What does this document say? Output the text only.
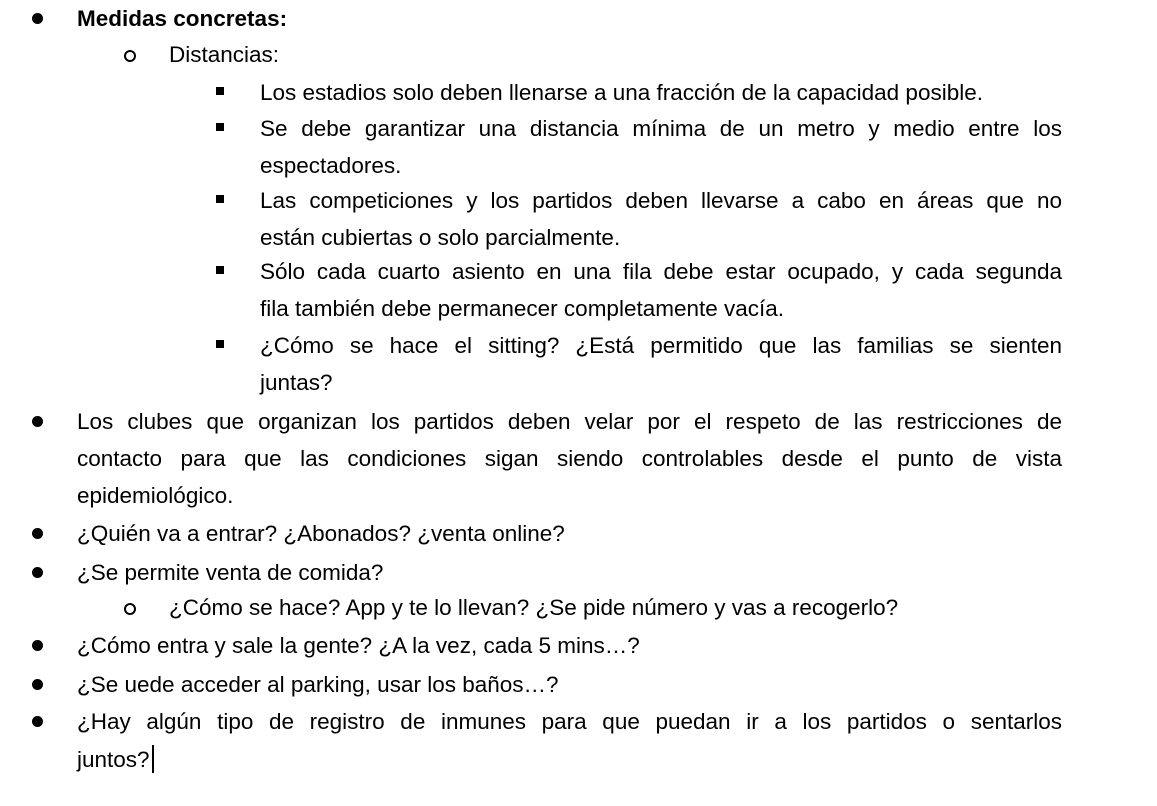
Medidas concretas:
Distancias:
Los estadios solo deben llenarse a una fracción de la capacidad posible.
Se debe garantizar una distancia mínima de un metro y medio entre los
espectadores.
Las competiciones y los partidos deben llevarse a cabo en áreas que no
están cubiertas o solo parcialmente.
Sólo cada cuarto asiento en una fila debe estar ocupado, y cada segunda
fila también debe permanecer completamente vacía.
¿Cómo se hace el sitting? ¿Está permitido que las familias se sienten
juntas?
Los clubes que organizan los partidos deben velar por el respeto de las restricciones de
contacto para que las condiciones sigan siendo controlables desde el punto de vista
epidemiológico.
¿Quién va a entrar? ¿Abonados? ¿venta online?
¿Se permite venta de comida?
¿Cómo se hace? App y te lo llevan? ¿Se pide número y vas a recogerlo?
¿Cómo entra y sale la gente? ¿A la vez, cada 5 mins…?
¿Se uede acceder al parking, usar los baños…?
¿Hay algún tipo de registro de inmunes para que puedan ir a los partidos o sentarlos
juntos?
